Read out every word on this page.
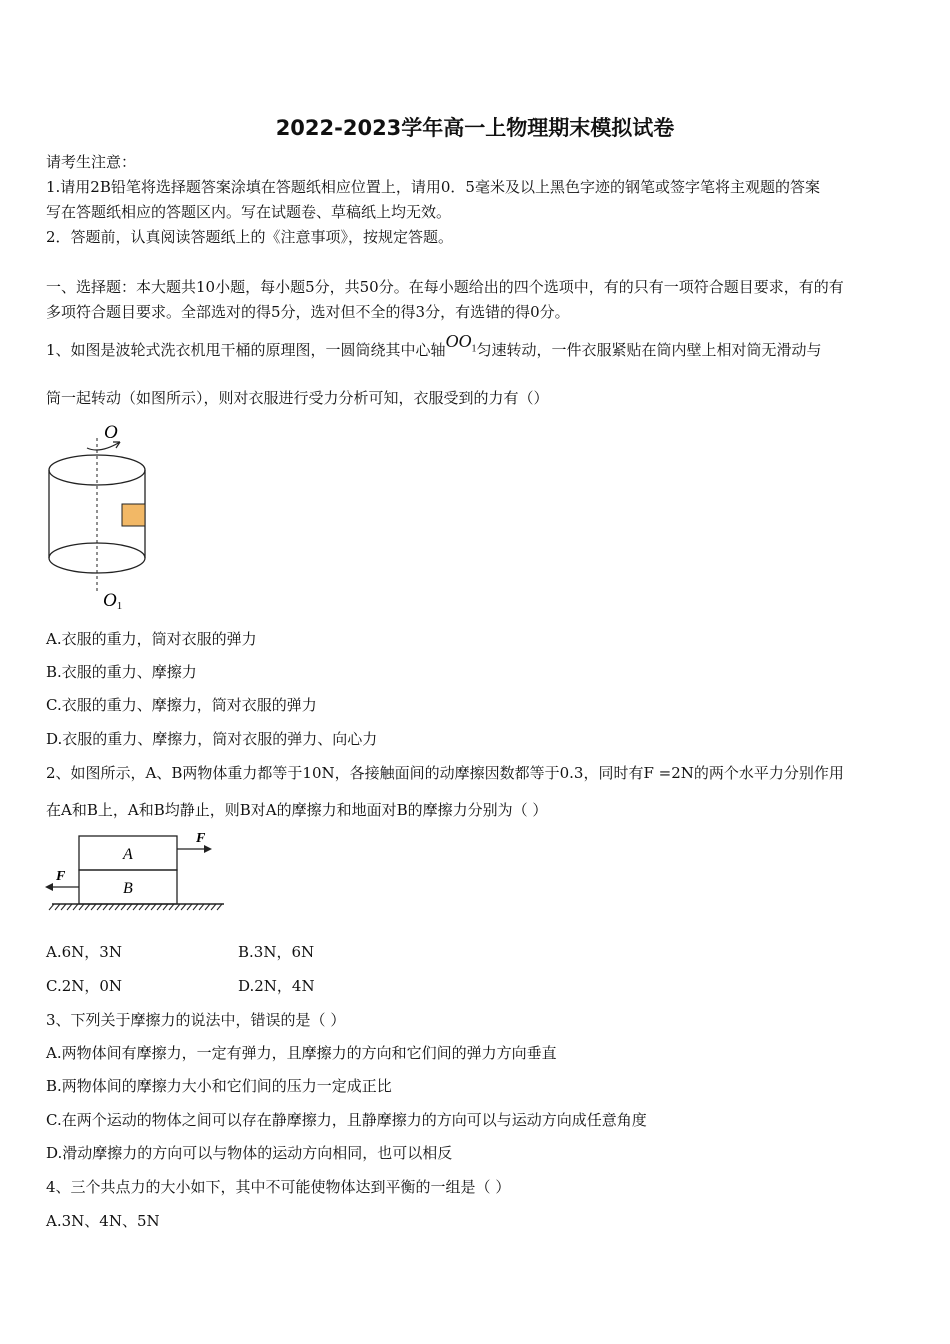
2022-2023学年高一上物理期末模拟试卷
请考生注意：
1.请用2B铅笔将选择题答案涂填在答题纸相应位置上，请用0．5毫米及以上黑色字迹的钢笔或签字笔将主观题的答案
写在答题纸相应的答题区内。写在试题卷、草稿纸上均无效。
2．答题前，认真阅读答题纸上的《注意事项》，按规定答题。
一、选择题：本大题共10小题，每小题5分，共50分。在每小题给出的四个选项中，有的只有一项符合题目要求，有的有
多项符合题目要求。全部选对的得5分，选对但不全的得3分，有选错的得0分。
1、如图是波轮式洗衣机甩干桶的原理图，一圆筒绕其中心轴$OO_1$匀速转动，一件衣服紧贴在筒内壁上相对筒无滑动与
筒一起转动（如图所示），则对衣服进行受力分析可知，衣服受到的力有（）
O
O1
A.衣服的重力，筒对衣服的弹力
B.衣服的重力、摩擦力
C.衣服的重力、摩擦力，筒对衣服的弹力
D.衣服的重力、摩擦力，筒对衣服的弹力、向心力
2、如图所示，A、B两物体重力都等于10N，各接触面间的动摩擦因数都等于0.3，同时有F =2N的两个水平力分别作用
在A和B上，A和B均静止，则B对A的摩擦力和地面对B的摩擦力分别为（ ）
A
B
F
F
A.6N，3N	B.3N，6N
C.2N，0N	D.2N，4N
3、下列关于摩擦力的说法中，错误的是（ ）
A.两物体间有摩擦力，一定有弹力，且摩擦力的方向和它们间的弹力方向垂直
B.两物体间的摩擦力大小和它们间的压力一定成正比
C.在两个运动的物体之间可以存在静摩擦力，且静摩擦力的方向可以与运动方向成任意角度
D.滑动摩擦力的方向可以与物体的运动方向相同，也可以相反
4、三个共点力的大小如下，其中不可能使物体达到平衡的一组是（ ）
A.3N、4N、5N
